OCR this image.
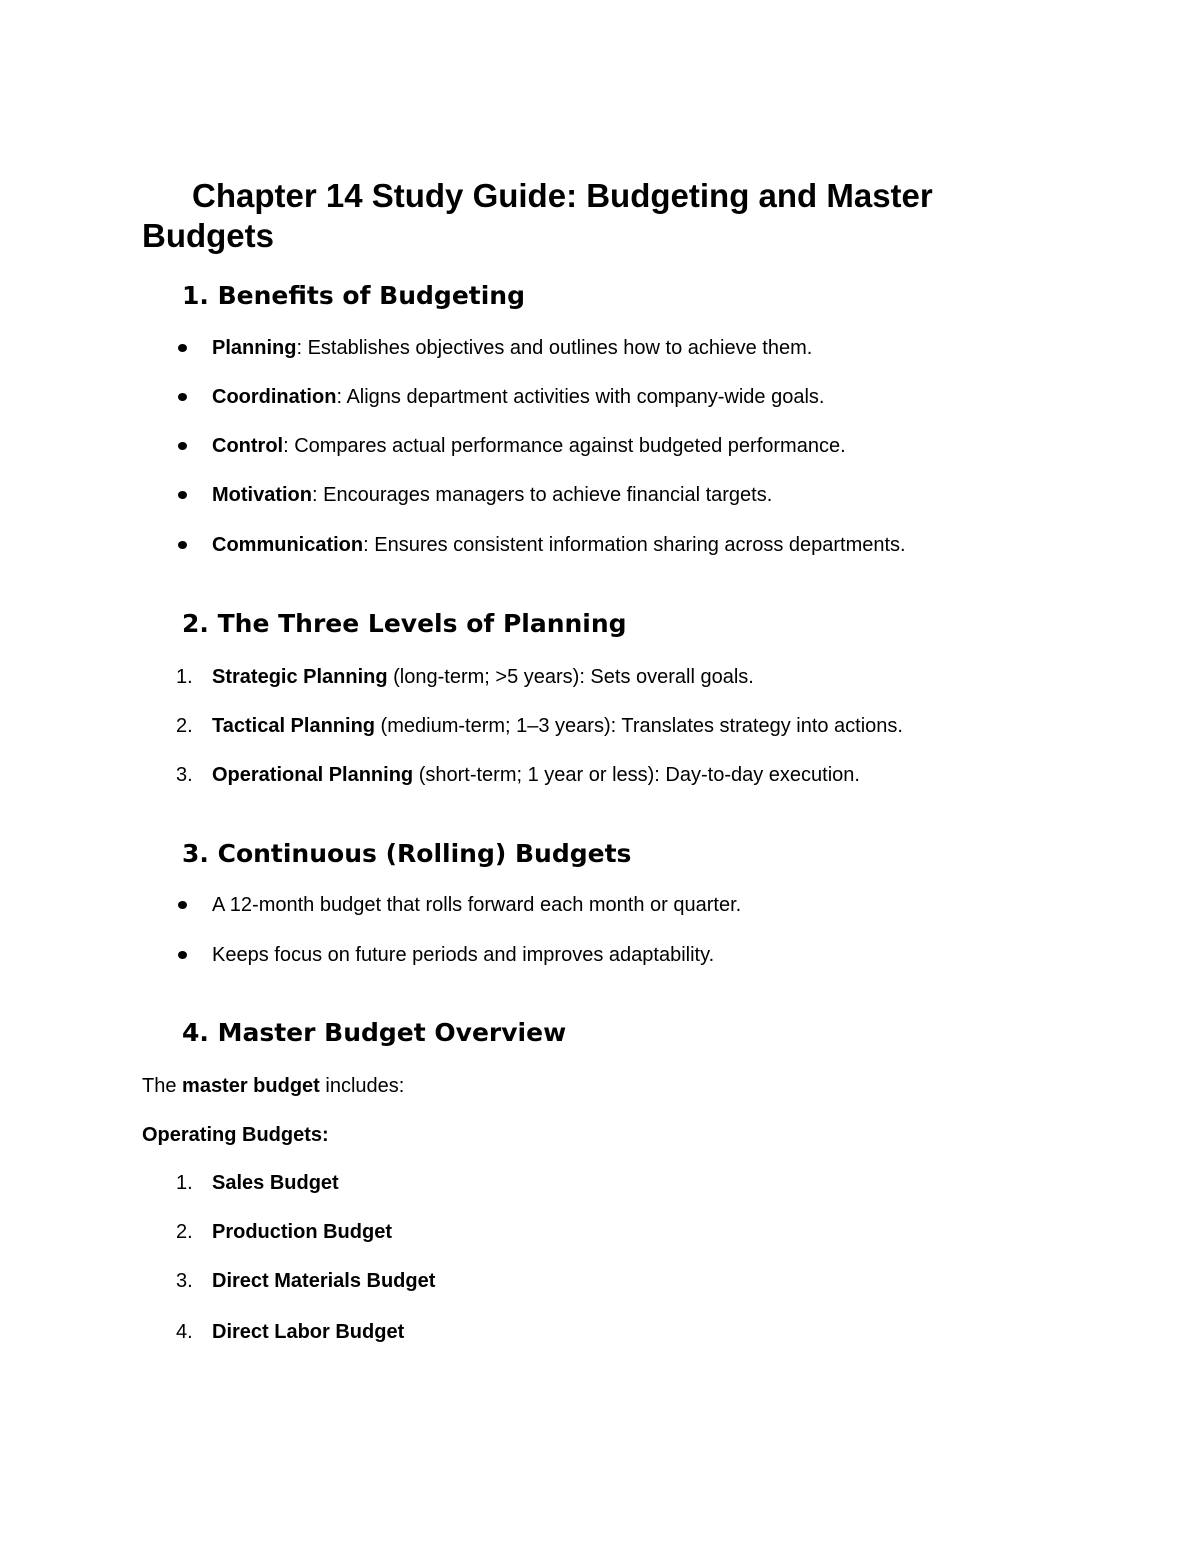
Chapter 14 Study Guide: Budgeting and Master Budgets
1. Benefits of Budgeting
Planning: Establishes objectives and outlines how to achieve them.
Coordination: Aligns department activities with company-wide goals.
Control: Compares actual performance against budgeted performance.
Motivation: Encourages managers to achieve financial targets.
Communication: Ensures consistent information sharing across departments.
2. The Three Levels of Planning
1. Strategic Planning (long-term; >5 years): Sets overall goals.
2. Tactical Planning (medium-term; 1–3 years): Translates strategy into actions.
3. Operational Planning (short-term; 1 year or less): Day-to-day execution.
3. Continuous (Rolling) Budgets
A 12-month budget that rolls forward each month or quarter.
Keeps focus on future periods and improves adaptability.
4. Master Budget Overview
The master budget includes:
Operating Budgets:
1. Sales Budget
2. Production Budget
3. Direct Materials Budget
4. Direct Labor Budget
